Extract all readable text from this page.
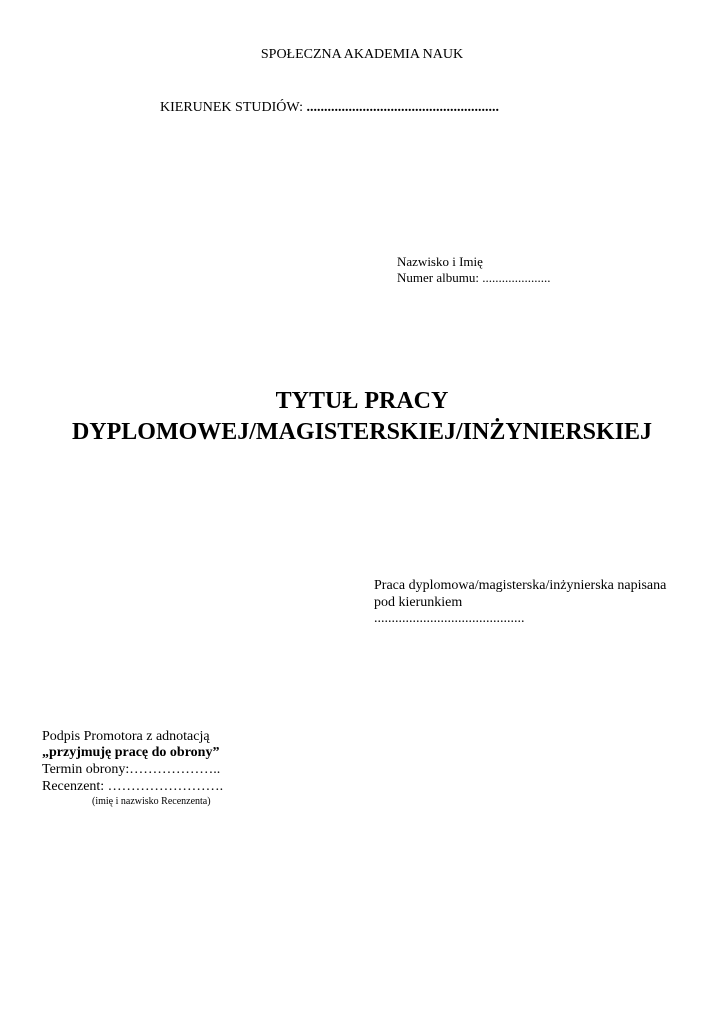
SPOŁECZNA AKADEMIA NAUK
KIERUNEK STUDIÓW: .......................................................
Nazwisko i Imię
Numer albumu: .....................
TYTUŁ PRACY
DYPLOMOWEJ/MAGISTERSKIEJ/INŻYNIERSKIEJ
Praca dyplomowa/magisterska/inżynierska napisana
pod kierunkiem
...........................................
Podpis Promotora z adnotacją
„przyjmuję pracę do obrony”
Termin obrony:………………..
Recenzent: …………………….
(imię i nazwisko Recenzenta)
